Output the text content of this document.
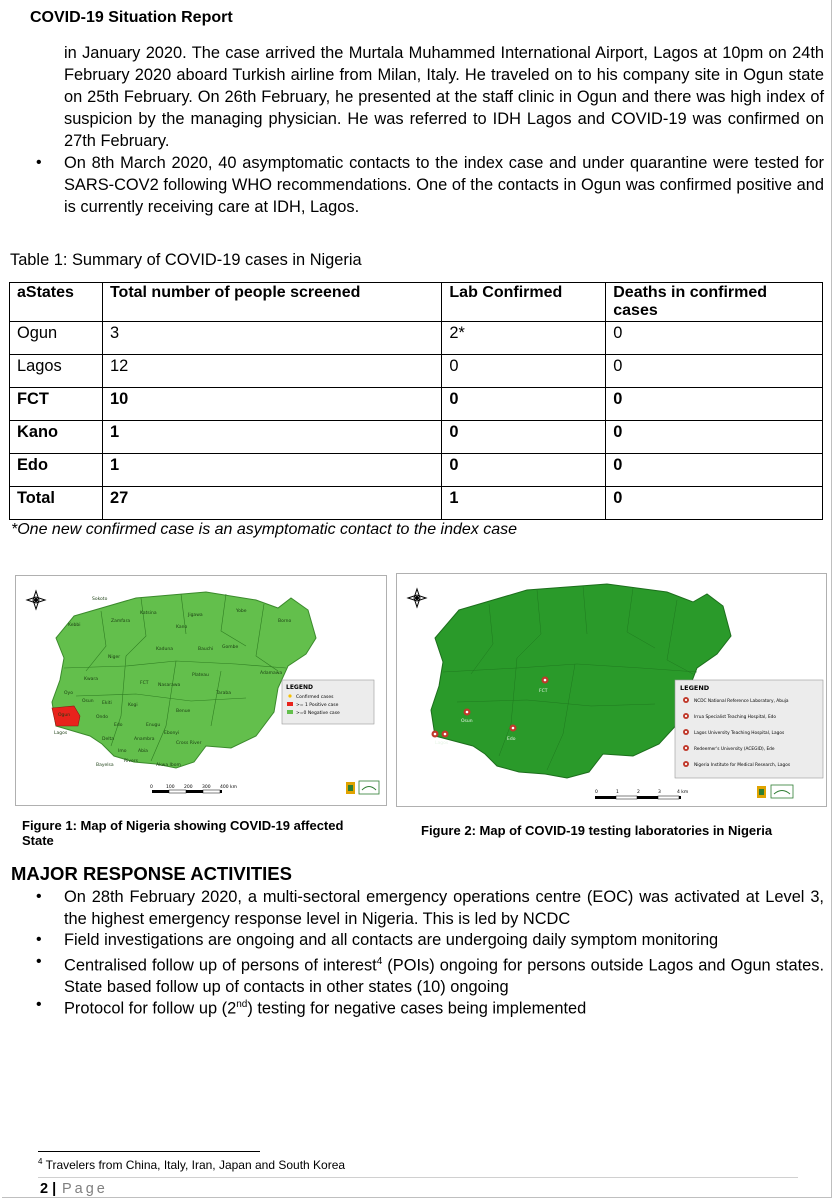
COVID-19 Situation Report
in January 2020. The case arrived the Murtala Muhammed International Airport, Lagos at 10pm on 24th February 2020 aboard Turkish airline from Milan, Italy. He traveled on to his company site in Ogun state on 25th February. On 26th February, he presented at the staff clinic in Ogun and there was high index of suspicion by the managing physician. He was referred to IDH Lagos and COVID-19 was confirmed on 27th February.
• On 8th March 2020, 40 asymptomatic contacts to the index case and under quarantine were tested for SARS-COV2 following WHO recommendations. One of the contacts in Ogun was confirmed positive and is currently receiving care at IDH, Lagos.
Table 1: Summary of COVID-19 cases in Nigeria
aStates	Total number of people screened	Lab Confirmed	Deaths in confirmed cases
Ogun	3	2*	0
Lagos	12	0	0
FCT	10	0	0
Kano	1	0	0
Edo	1	0	0
Total	27	1	0
*One new confirmed case is an asymptomatic contact to the index case
Sokoto
Katsina	Jigawa
Yobe
Borno
Kebbi
Zamfara
Kano
Bauchi Gombe
Kaduna
Niger
Adamawa
Kwara
FCT Nasarawa
Plateau
Taraba
Oyo
Osun Ekiti	Kogi
Benue
Ogun	Ondo
Edo	Enugu
Ebonyi
Lagos
Delta	Anambra
Cross River
Imo	Abia
Rivers
Bayelsa	Akwa Ibom
LEGEND
Confirmed cases
>= 1 Positive case
>=0 Negative case
0	100 200 300 400 km
FCT
Osun
Edo
Lagos
LEGEND
NCDC National Reference Laboratory, Abuja
Irrua Specialist Teaching Hospital, Edo
Lagos University Teaching Hospital, Lagos
Redeemer's University (ACEGID), Ede
Nigeria Institute for Medical Research, Lagos
0	1	2	3	4 km
Figure 1: Map of Nigeria showing COVID-19 affected State
Figure 2: Map of COVID-19 testing laboratories in Nigeria
MAJOR RESPONSE ACTIVITIES
• On 28th February 2020, a multi-sectoral emergency operations centre (EOC) was activated at Level 3, the highest emergency response level in Nigeria. This is led by NCDC
• Field investigations are ongoing and all contacts are undergoing daily symptom monitoring
• Centralised follow up of persons of interest$^4$ (POIs) ongoing for persons outside Lagos and Ogun states. State based follow up of contacts in other states (10) ongoing
• Protocol for follow up (2nd) testing for negative cases being implemented
$^4$ Travelers from China, Italy, Iran, Japan and South Korea
2 | Page
